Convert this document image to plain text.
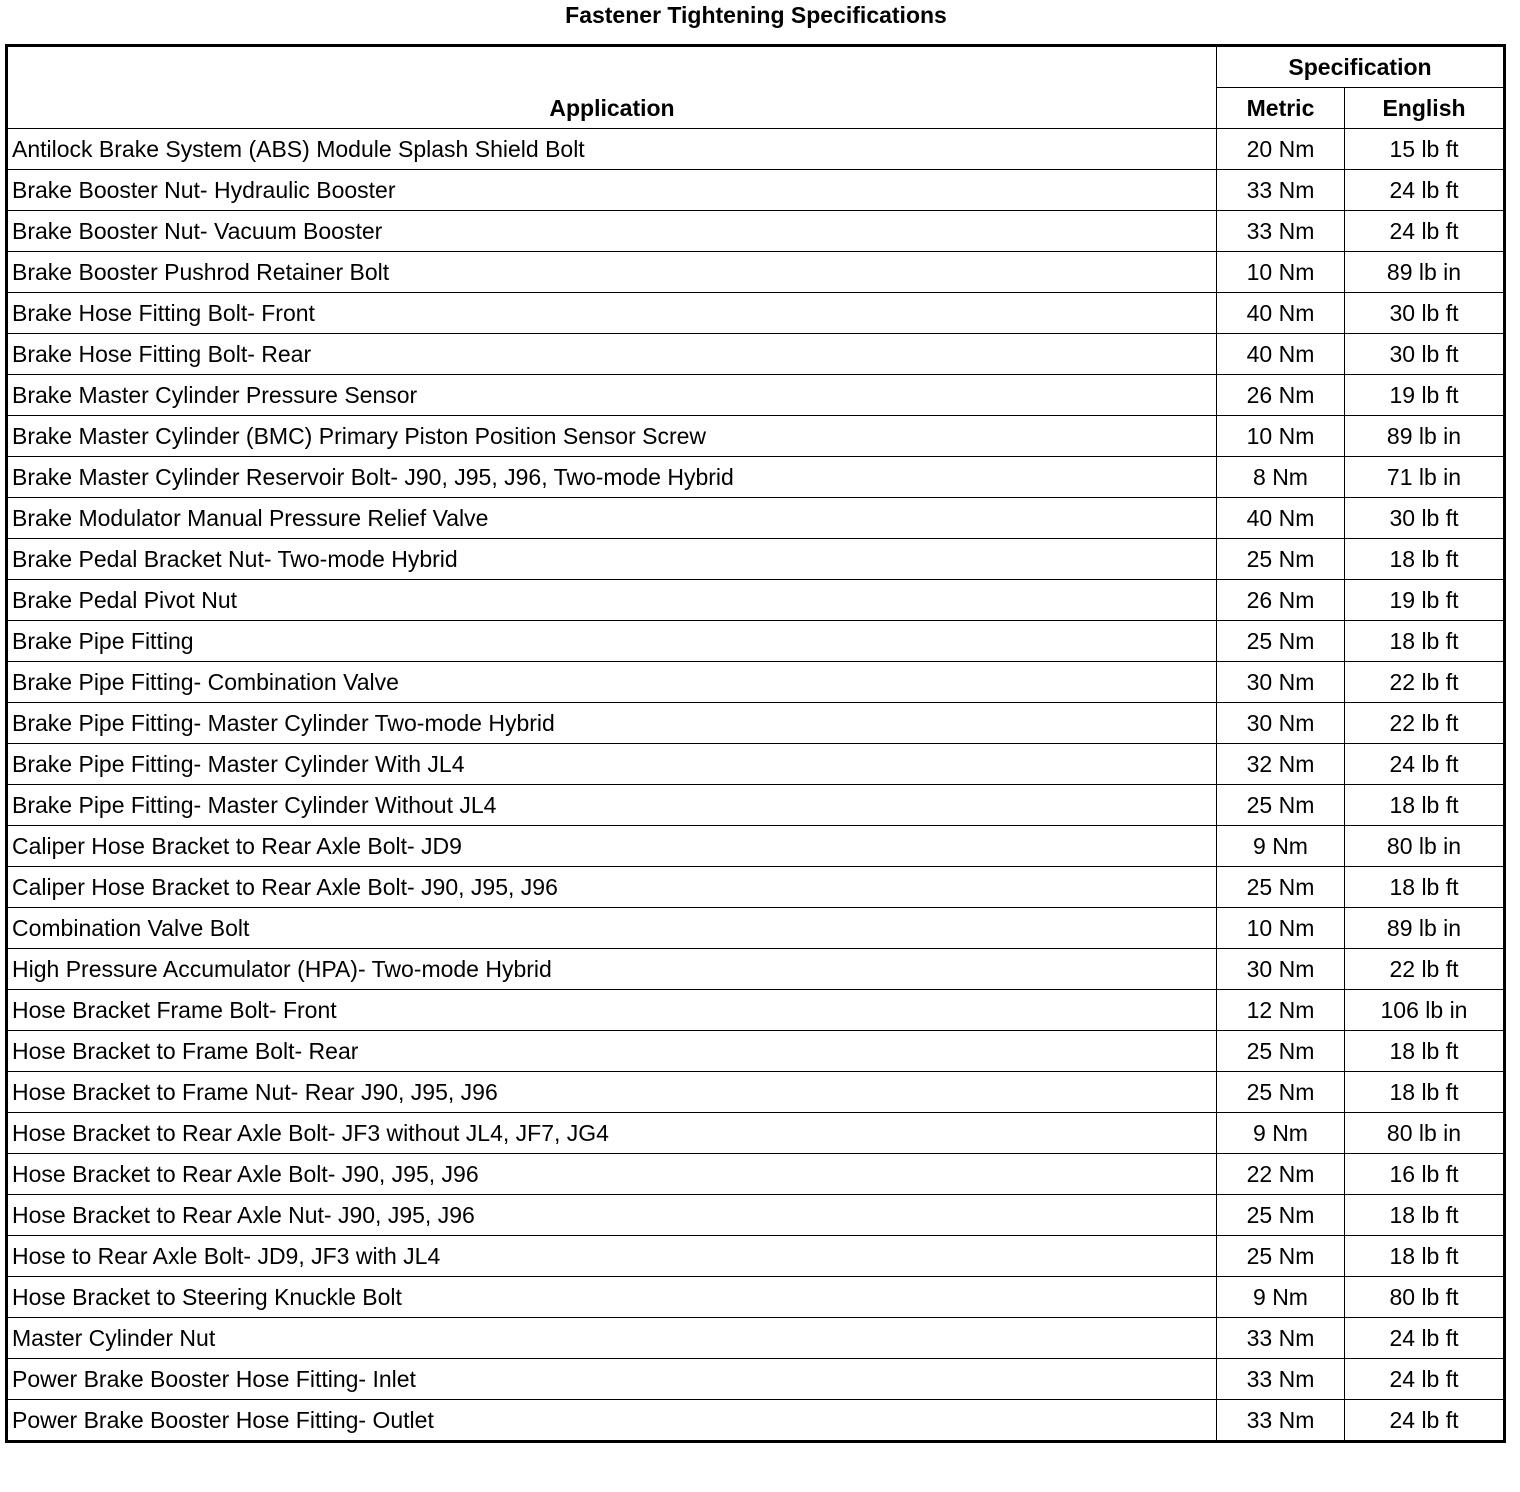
Fastener Tightening Specifications
Application	Specification	
	Metric	English
Antilock Brake System (ABS) Module Splash Shield Bolt	20 Nm	15 lb ft
Brake Booster Nut- Hydraulic Booster	33 Nm	24 lb ft
Brake Booster Nut- Vacuum Booster	33 Nm	24 lb ft
Brake Booster Pushrod Retainer Bolt	10 Nm	89 lb in
Brake Hose Fitting Bolt- Front	40 Nm	30 lb ft
Brake Hose Fitting Bolt- Rear	40 Nm	30 lb ft
Brake Master Cylinder Pressure Sensor	26 Nm	19 lb ft
Brake Master Cylinder (BMC) Primary Piston Position Sensor Screw	10 Nm	89 lb in
Brake Master Cylinder Reservoir Bolt- J90, J95, J96, Two-mode Hybrid	8 Nm	71 lb in
Brake Modulator Manual Pressure Relief Valve	40 Nm	30 lb ft
Brake Pedal Bracket Nut- Two-mode Hybrid	25 Nm	18 lb ft
Brake Pedal Pivot Nut	26 Nm	19 lb ft
Brake Pipe Fitting	25 Nm	18 lb ft
Brake Pipe Fitting- Combination Valve	30 Nm	22 lb ft
Brake Pipe Fitting- Master Cylinder Two-mode Hybrid	30 Nm	22 lb ft
Brake Pipe Fitting- Master Cylinder With JL4	32 Nm	24 lb ft
Brake Pipe Fitting- Master Cylinder Without JL4	25 Nm	18 lb ft
Caliper Hose Bracket to Rear Axle Bolt- JD9	9 Nm	80 lb in
Caliper Hose Bracket to Rear Axle Bolt- J90, J95, J96	25 Nm	18 lb ft
Combination Valve Bolt	10 Nm	89 lb in
High Pressure Accumulator (HPA)- Two-mode Hybrid	30 Nm	22 lb ft
Hose Bracket Frame Bolt- Front	12 Nm	106 lb in
Hose Bracket to Frame Bolt- Rear	25 Nm	18 lb ft
Hose Bracket to Frame Nut- Rear J90, J95, J96	25 Nm	18 lb ft
Hose Bracket to Rear Axle Bolt- JF3 without JL4, JF7, JG4	9 Nm	80 lb in
Hose Bracket to Rear Axle Bolt- J90, J95, J96	22 Nm	16 lb ft
Hose Bracket to Rear Axle Nut- J90, J95, J96	25 Nm	18 lb ft
Hose to Rear Axle Bolt- JD9, JF3 with JL4	25 Nm	18 lb ft
Hose Bracket to Steering Knuckle Bolt	9 Nm	80 lb ft
Master Cylinder Nut	33 Nm	24 lb ft
Power Brake Booster Hose Fitting- Inlet	33 Nm	24 lb ft
Power Brake Booster Hose Fitting- Outlet	33 Nm	24 lb ft
